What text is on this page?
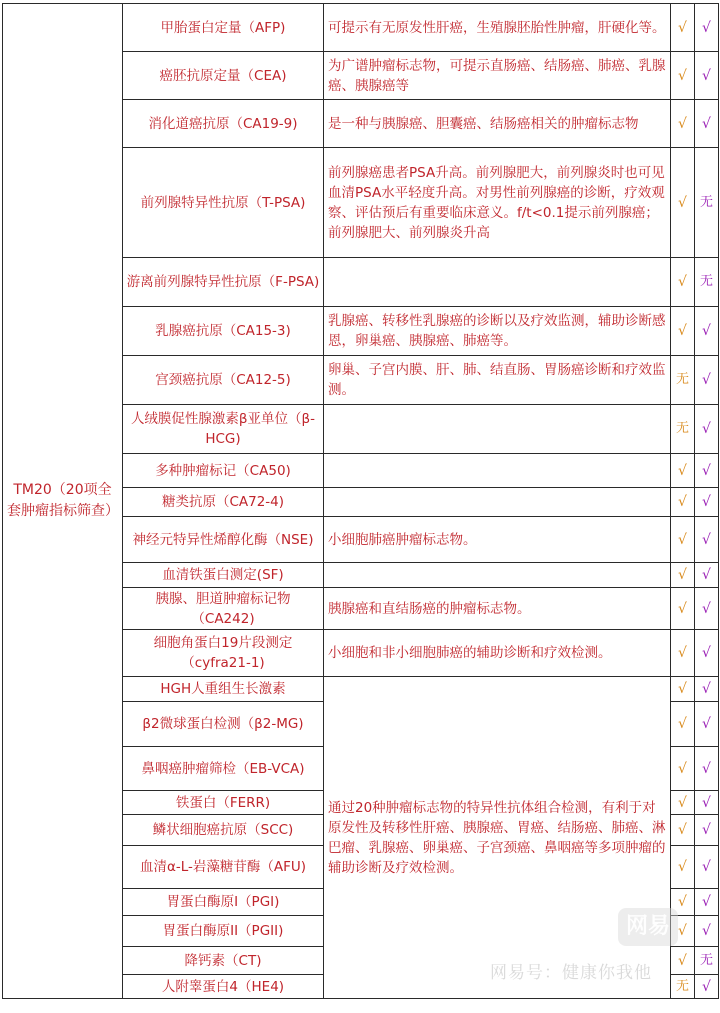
TM20（20项全套肿瘤指标筛查）	甲胎蛋白定量（AFP)	可提示有无原发性肝癌，生殖腺胚胎性肿瘤，肝硬化等。	√	√
	癌胚抗原定量（CEA)	为广谱肿瘤标志物，可提示直肠癌、结肠癌、肺癌、乳腺癌、胰腺癌等	√	√
	消化道癌抗原（CA19-9)	是一种与胰腺癌、胆囊癌、结肠癌相关的肿瘤标志物	√	√
	前列腺特异性抗原（T-PSA)	前列腺癌患者PSA升高。前列腺肥大，前列腺炎时也可见血清PSA水平轻度升高。对男性前列腺癌的诊断，疗效观察、评估预后有重要临床意义。f/t<0.1提示前列腺癌；前列腺肥大、前列腺炎升高	√	无
	游离前列腺特异性抗原（F-PSA)		√	无
	乳腺癌抗原（CA15-3)	乳腺癌、转移性乳腺癌的诊断以及疗效监测，辅助诊断感恩，卵巢癌、胰腺癌、肺癌等。	√	√
	宫颈癌抗原（CA12-5)	卵巢、子宫内膜、肝、肺、结直肠、胃肠癌诊断和疗效监测。	无	√
	人绒膜促性腺激素β亚单位（β-HCG)		无	√
	多种肿瘤标记（CA50)		√	√
	糖类抗原（CA72-4)		√	√
	神经元特异性烯醇化酶（NSE)	小细胞肺癌肿瘤标志物。	√	√
	血清铁蛋白测定(SF)		√	√
	胰腺、胆道肿瘤标记物（CA242)	胰腺癌和直结肠癌的肿瘤标志物。	√	√
	细胞角蛋白19片段测定（cyfra21-1)	小细胞和非小细胞肺癌的辅助诊断和疗效检测。	√	√
	HGH人重组生长激素	通过20种肿瘤标志物的特异性抗体组合检测，有利于对原发性及转移性肝癌、胰腺癌、胃癌、结肠癌、肺癌、淋巴瘤、乳腺癌、卵巢癌、子宫颈癌、鼻咽癌等多项肿瘤的辅助诊断及疗效检测。	√	√
	β2微球蛋白检测（β2-MG)		√	√
	鼻咽癌肿瘤筛检（EB-VCA)		√	√
	铁蛋白（FERR)		√	√
	鳞状细胞癌抗原（SCC)		√	√
	血清α-L-岩藻糖苷酶（AFU)		√	√
	胃蛋白酶原I（PGI)		√	√
	胃蛋白酶原II（PGII)		√	√
	降钙素（CT)		√	无
	人附睾蛋白4（HE4)		无	√
网易
网易号：健康你我他
